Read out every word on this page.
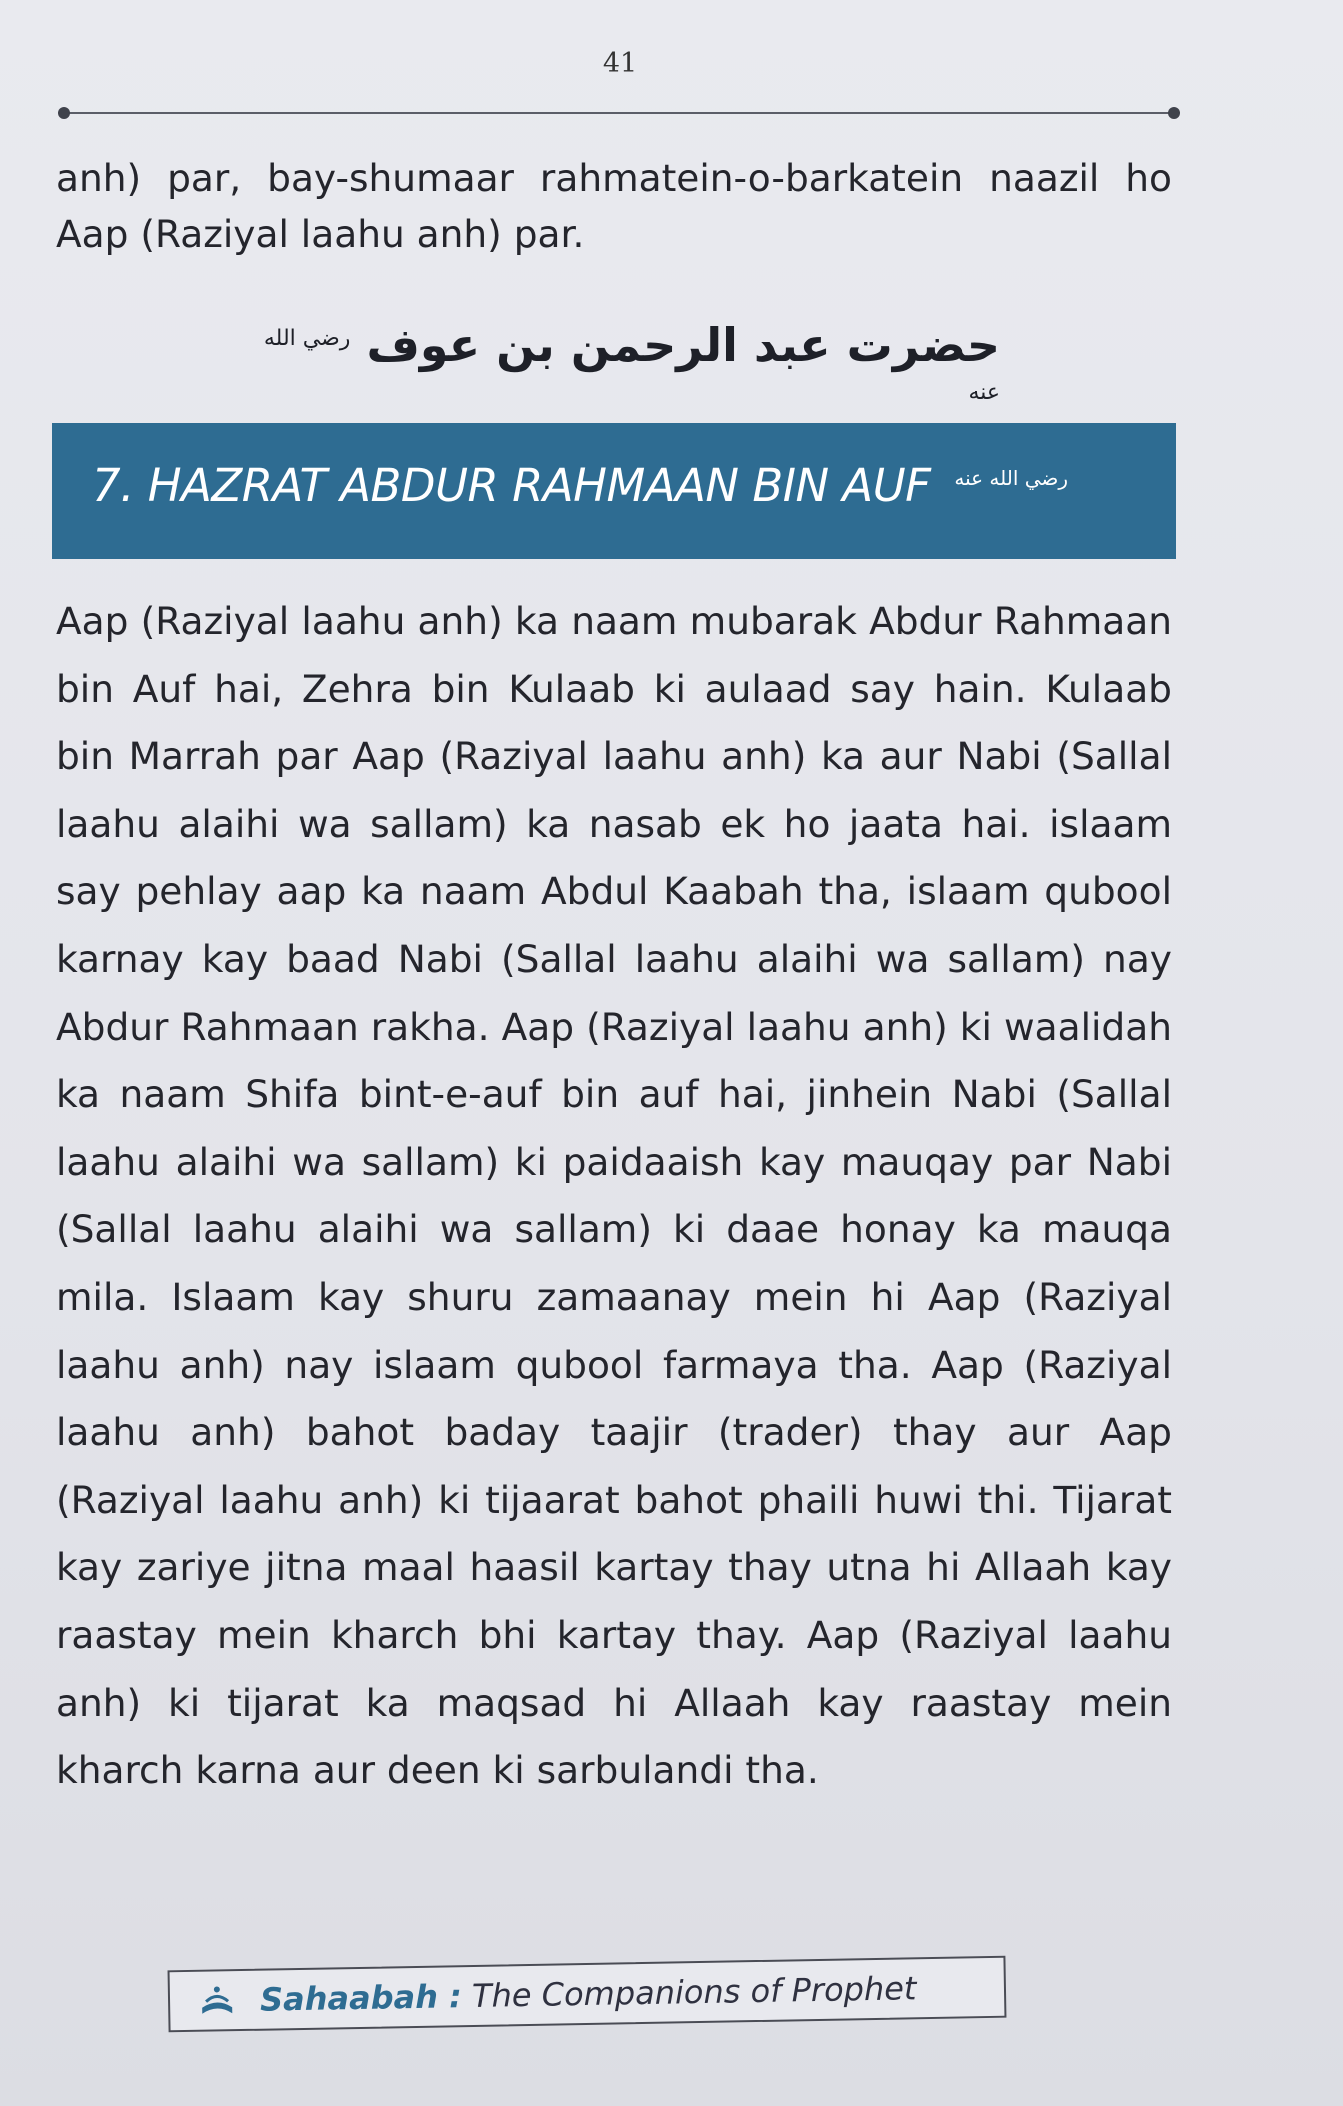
41
anh) par, bay-shumaar rahmatein-o-barkatein naazil ho Aap (Raziyal laahu anh) par.
حضرت عبد الرحمن بن عوف $^{رضي الله عنه}$
7. HAZRAT ABDUR RAHMAAN BIN AUF $^{رضي الله عنه}$
Aap (Raziyal laahu anh) ka naam mubarak Abdur Rahmaan bin Auf hai, Zehra bin Kulaab ki aulaad say hain. Kulaab bin Marrah par Aap (Raziyal laahu anh) ka aur Nabi (Sallal laahu alaihi wa sallam) ka nasab ek ho jaata hai. islaam say pehlay aap ka naam Abdul Kaabah tha, islaam qubool karnay kay baad Nabi (Sallal laahu alaihi wa sallam) nay Abdur Rahmaan rakha. Aap (Raziyal laahu anh) ki waalidah ka naam Shifa bint-e-auf bin auf hai, jinhein Nabi (Sallal laahu alaihi wa sallam) ki paidaaish kay mauqay par Nabi (Sallal laahu alaihi wa sallam) ki daae honay ka mauqa mila. Islaam kay shuru zamaanay mein hi Aap (Raziyal laahu anh) nay islaam qubool farmaya tha. Aap (Raziyal laahu anh) bahot baday taajir (trader) thay aur Aap (Raziyal laahu anh) ki tijaarat bahot phaili huwi thi. Tijarat kay zariye jitna maal haasil kartay thay utna hi Allaah kay raastay mein kharch bhi kartay thay. Aap (Raziyal laahu anh) ki tijarat ka maqsad hi Allaah kay raastay mein kharch karna aur deen ki sarbulandi tha.
Sahaabah : The Companions of Prophet
